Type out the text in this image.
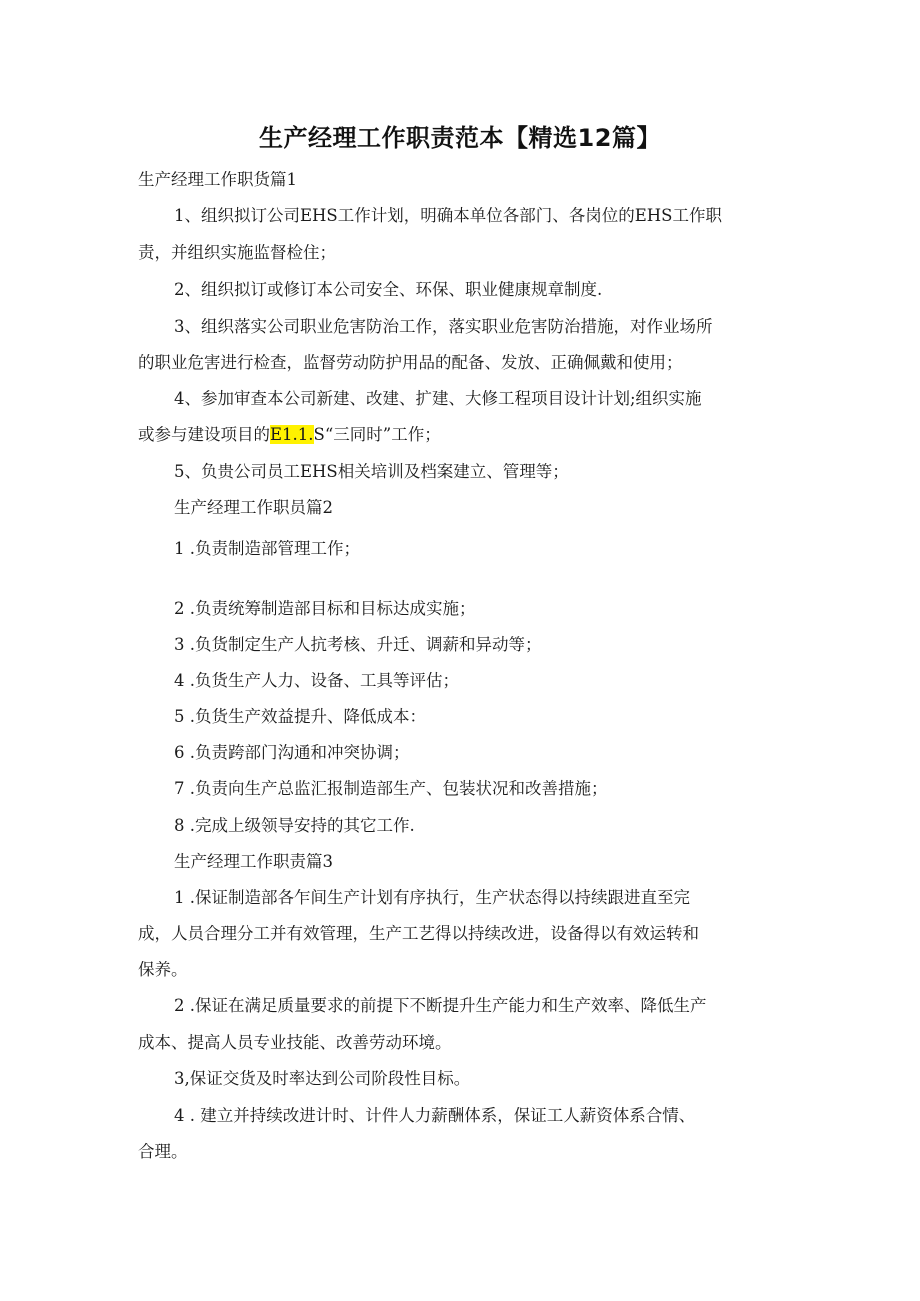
生产经理工作职责范本【精选12篇】
生产经理工作职货篇1
1、组织拟订公司EHS工作计划，明确本单位各部门、各岗位的EHS工作职
责，并组织实施监督检住；
2、组织拟订或修订本公司安全、环保、职业健康规章制度.
3、组织落实公司职业危害防治工作，落实职业危害防治措施，对作业场所
的职业危害进行检查，监督劳动防护用品的配备、发放、正确佩戴和使用；
4、参加审查本公司新建、改建、扩建、大修工程项目设计计划;组织实施
或参与建设项目的E1.1.S“三同时”工作；
5、负贵公司员工EHS相关培训及档案建立、管理等；
生产经理工作职员篇2
1 .负责制造部管理工作；
2 .负责统筹制造部目标和目标达成实施；
3 .负货制定生产人抗考核、升迁、调薪和异动等；
4 .负货生产人力、设备、工具等评估；
5 .负货生产效益提升、降低成本：
6 .负责跨部门沟通和冲突协调；
7 .负责向生产总监汇报制造部生产、包装状况和改善措施；
8 .完成上级领导安持的其它工作.
生产经理工作职责篇3
1 .保证制造部各乍间生产计划有序执行，生产状态得以持续跟进直至完
成，人员合理分工并有效管理，生产工艺得以持续改进，设备得以有效运转和
保养。
2 .保证在满足质量要求的前提下不断提升生产能力和生产效率、降低生产
成本、提高人员专业技能、改善劳动环境。
3,保证交货及时率达到公司阶段性目标。
4 . 建立并持续改进计时、计件人力薪酬体系，保证工人薪资体系合情、
合理。
